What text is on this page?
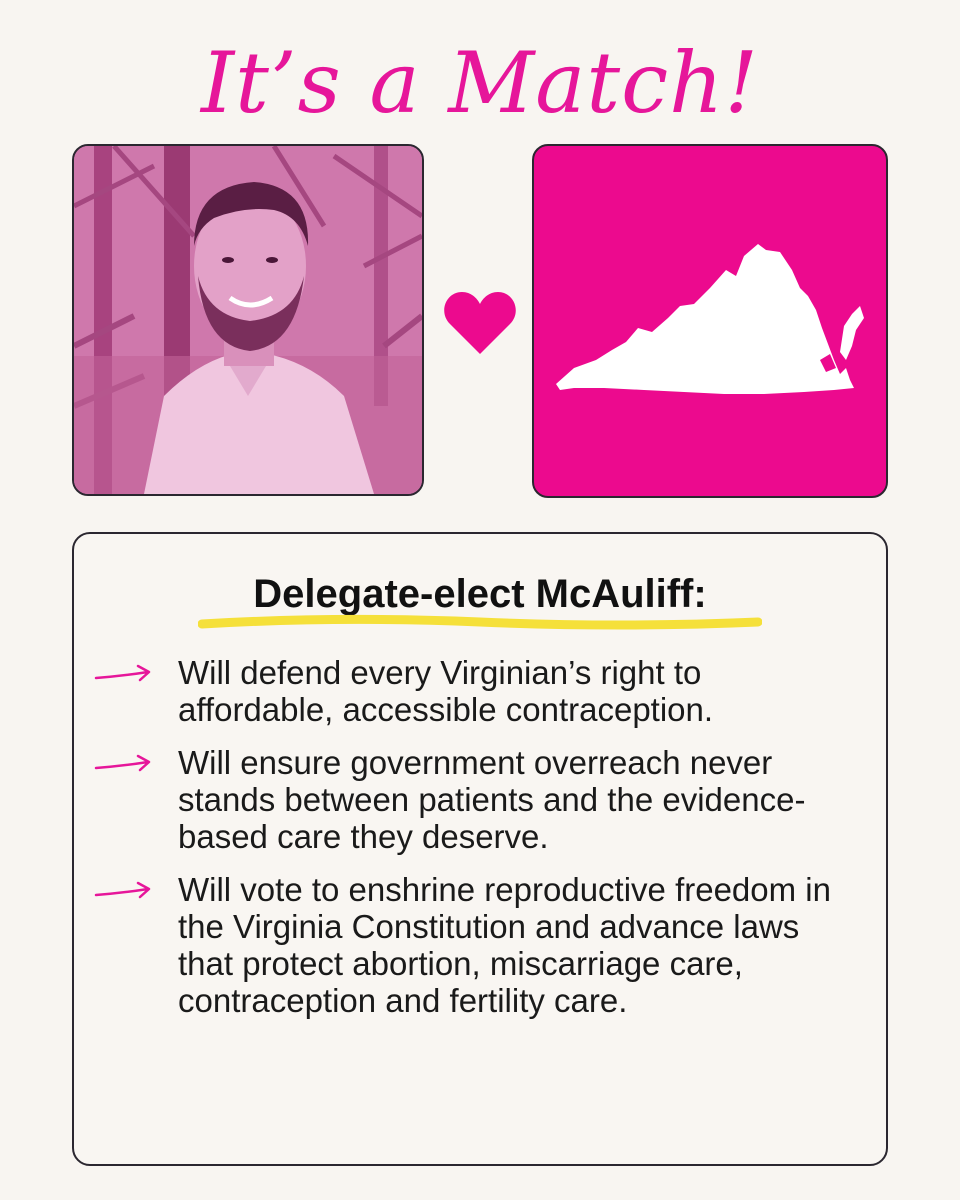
It’s a Match!
Delegate-elect McAuliff:
Will defend every Virginian’s right to affordable, accessible contraception.
Will ensure government overreach never stands between patients and the evidence-based care they deserve.
Will vote to enshrine reproductive freedom in the Virginia Constitution and advance laws that protect abortion, miscarriage care, contraception and fertility care.
